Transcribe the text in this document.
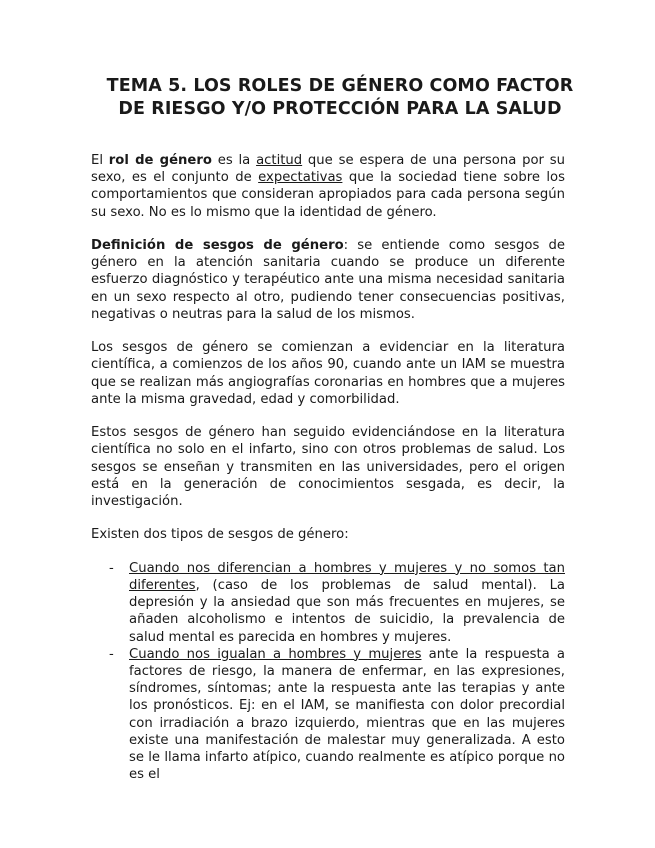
TEMA 5. LOS ROLES DE GÉNERO COMO FACTOR
DE RIESGO Y/O PROTECCIÓN PARA LA SALUD

El rol de género es la actitud que se espera de una persona por su sexo, es el conjunto de expectativas que la sociedad tiene sobre los comportamientos que consideran apropiados para cada persona según su sexo. No es lo mismo que la identidad de género.

Definición de sesgos de género: se entiende como sesgos de género en la atención sanitaria cuando se produce un diferente esfuerzo diagnóstico y terapéutico ante una misma necesidad sanitaria en un sexo respecto al otro, pudiendo tener consecuencias positivas, negativas o neutras para la salud de los mismos.

Los sesgos de género se comienzan a evidenciar en la literatura científica, a comienzos de los años 90, cuando ante un IAM se muestra que se realizan más angiografías coronarias en hombres que a mujeres ante la misma gravedad, edad y comorbilidad.

Estos sesgos de género han seguido evidenciándose en la literatura científica no solo en el infarto, sino con otros problemas de salud. Los sesgos se enseñan y transmiten en las universidades, pero el origen está en la generación de conocimientos sesgada, es decir, la investigación.

Existen dos tipos de sesgos de género:

- Cuando nos diferencian a hombres y mujeres y no somos tan diferentes, (caso de los problemas de salud mental). La depresión y la ansiedad que son más frecuentes en mujeres, se añaden alcoholismo e intentos de suicidio, la prevalencia de salud mental es parecida en hombres y mujeres.
- Cuando nos igualan a hombres y mujeres ante la respuesta a factores de riesgo, la manera de enfermar, en las expresiones, síndromes, síntomas; ante la respuesta ante las terapias y ante los pronósticos. Ej: en el IAM, se manifiesta con dolor precordial con irradiación a brazo izquierdo, mientras que en las mujeres existe una manifestación de malestar muy generalizada. A esto se le llama infarto atípico, cuando realmente es atípico porque no es el
